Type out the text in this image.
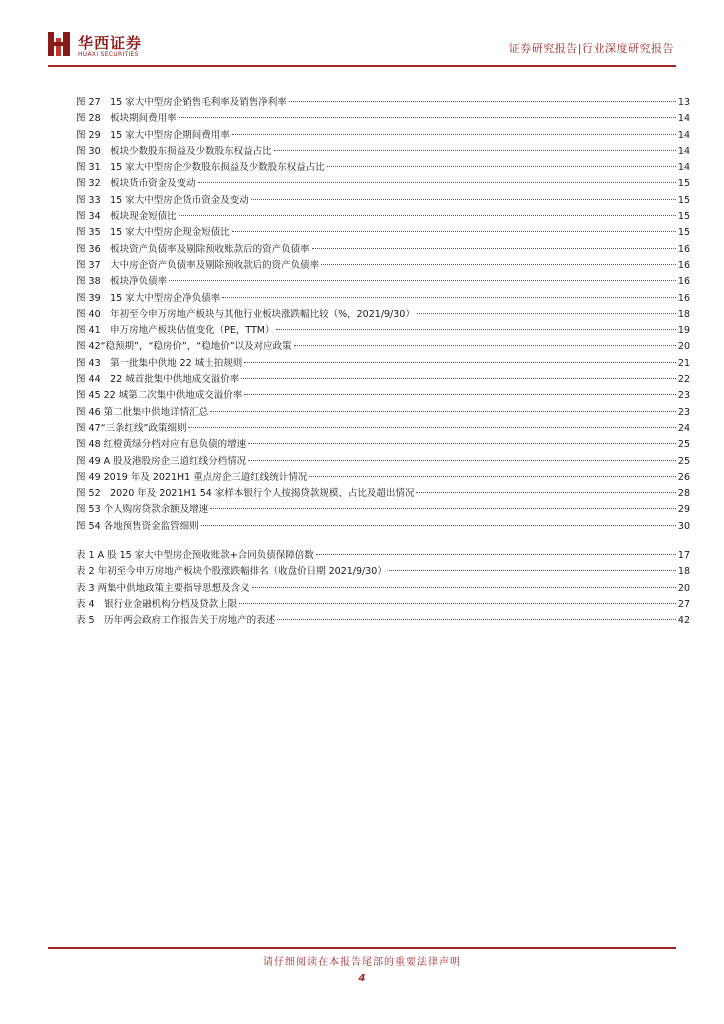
华西证券
HUAXI SECURITIES	证券研究报告|行业深度研究报告
图 27　15 家大中型房企销售毛利率及销售净利率	13
图 28　板块期间费用率	14
图 29　15 家大中型房企期间费用率	14
图 30　板块少数股东损益及少数股东权益占比	14
图 31　15 家大中型房企少数股东损益及少数股东权益占比	14
图 32　板块货币资金及变动	15
图 33　15 家大中型房企货币资金及变动	15
图 34　板块现金短债比	15
图 35　15 家大中型房企现金短债比	15
图 36　板块资产负债率及剔除预收账款后的资产负债率	16
图 37　大中房企资产负债率及剔除预收款后的资产负债率	16
图 38　板块净负债率	16
图 39　15 家大中型房企净负债率	16
图 40　年初至今申万房地产板块与其他行业板块涨跌幅比较（%，2021/9/30）	18
图 41　申万房地产板块估值变化（PE，TTM）	19
图 42“稳预期”，“稳房价”，“稳地价”以及对应政策	20
图 43　第一批集中供地 22 城土拍规则	21
图 44　22 城首批集中供地成交溢价率	22
图 45 22 城第二次集中供地成交溢价率	23
图 46 第二批集中供地详情汇总	23
图 47“三条红线”政策细则	24
图 48 红橙黄绿分档对应有息负债的增速	25
图 49 A 股及港股房企三道红线分档情况	25
图 49 2019 年及 2021H1 重点房企三道红线统计情况	26
图 52　2020 年及 2021H1 54 家样本银行个人按揭贷款规模、占比及超出情况	28
图 53 个人购房贷款余额及增速	29
图 54 各地预售资金监管细则	30
表 1 A 股 15 家大中型房企预收账款+合同负债保障倍数	17
表 2 年初至今申万房地产板块个股涨跌幅排名（收盘价日期 2021/9/30）	18
表 3 两集中供地政策主要指导思想及含义	20
表 4　银行业金融机构分档及贷款上限	27
表 5　历年两会政府工作报告关于房地产的表述	42
请仔细阅读在本报告尾部的重要法律声明
4
